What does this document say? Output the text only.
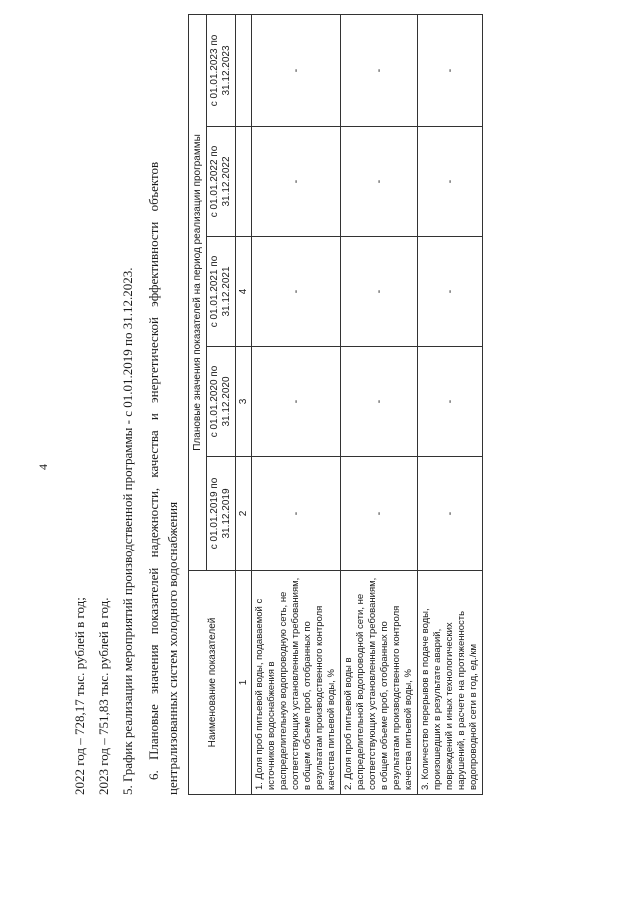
4
2022 год – 728,17 тыс. рублей в год; 2023 год – 751,83 тыс. рублей в год. 5. График реализации мероприятий производственной программы - с 01.01.2019 по 31.12.2023. 6. Плановые значения показателей надежности, качества и энергетической эффективности объектов централизованных систем холодного водоснабжения	Наименование показателей	Плановые значения показателей на период реализации программы				
	с 01.01.2019 по 31.12.2019	с 01.01.2020 по 31.12.2020	с 01.01.2021 по 31.12.2021	с 01.01.2022 по 31.12.2022	с 01.01.2023 по 31.12.2023
1	2	3	4		
1. Доля проб питьевой воды, подаваемой с источников водоснабжения в распределительную водопроводную сеть, не соответствующих установленным требованиям, в общем объеме проб, отобранных по результатам производственного контроля качества питьевой воды, %	-	-	-	-	-
2. Доля проб питьевой воды в распределительной водопроводной сети, не соответствующих установленным требованиям, в общем объеме проб, отобранных по результатам производственного контроля качества питьевой воды, %	-	-	-	-	-
3. Количество перерывов в подаче воды, произошедших в результате аварий, повреждений и иных технологических нарушений, в расчете на протяженность водопроводной сети в год, ед./км	-	-	-	-	-
